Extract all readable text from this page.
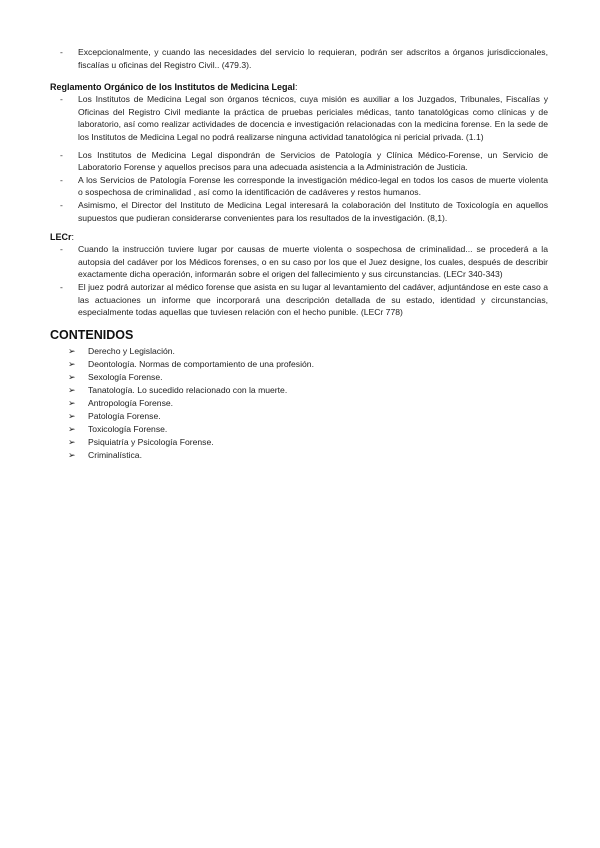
- Excepcionalmente, y cuando las necesidades del servicio lo requieran, podrán ser adscritos a órganos jurisdiccionales, fiscalías u oficinas del Registro Civil.. (479.3).

Reglamento Orgánico de los Institutos de Medicina Legal:

- Los Institutos de Medicina Legal son órganos técnicos, cuya misión es auxiliar a los Juzgados, Tribunales, Fiscalías y Oficinas del Registro Civil mediante la práctica de pruebas periciales médicas, tanto tanatológicas como clínicas y de laboratorio, así como realizar actividades de docencia e investigación relacionadas con la medicina forense. En la sede de los Institutos de Medicina Legal no podrá realizarse ninguna actividad tanatológica ni pericial privada. (1.1)
- Los Institutos de Medicina Legal dispondrán de Servicios de Patología y Clínica Médico-Forense, un Servicio de Laboratorio Forense y aquellos precisos para una adecuada asistencia a la Administración de Justicia.
- A los Servicios de Patología Forense les corresponde la investigación médico-legal en todos los casos de muerte violenta o sospechosa de criminalidad , así como la identificación de cadáveres y restos humanos.
- Asimismo, el Director del Instituto de Medicina Legal interesará la colaboración del Instituto de Toxicología en aquellos supuestos que pudieran considerarse convenientes para los resultados de la investigación. (8,1).

LECr:

- Cuando la instrucción tuviere lugar por causas de muerte violenta o sospechosa de criminalidad... se procederá a la autopsia del cadáver por los Médicos forenses, o en su caso por los que el Juez designe, los cuales, después de describir exactamente dicha operación, informarán sobre el origen del fallecimiento y sus circunstancias. (LECr 340-343)
- El juez podrá autorizar al médico forense que asista en su lugar al levantamiento del cadáver, adjuntándose en este caso a las actuaciones un informe que incorporará una descripción detallada de su estado, identidad y circunstancias, especialmente todas aquellas que tuviesen relación con el hecho punible. (LECr 778)
CONTENIDOS
➢ Derecho y Legislación.
➢ Deontología. Normas de comportamiento de una profesión.
➢ Sexología Forense.
➢ Tanatología. Lo sucedido relacionado con la muerte.
➢ Antropología Forense.
➢ Patología Forense.
➢ Toxicología Forense.
➢ Psiquiatría y Psicología Forense.
➢ Criminalística.
